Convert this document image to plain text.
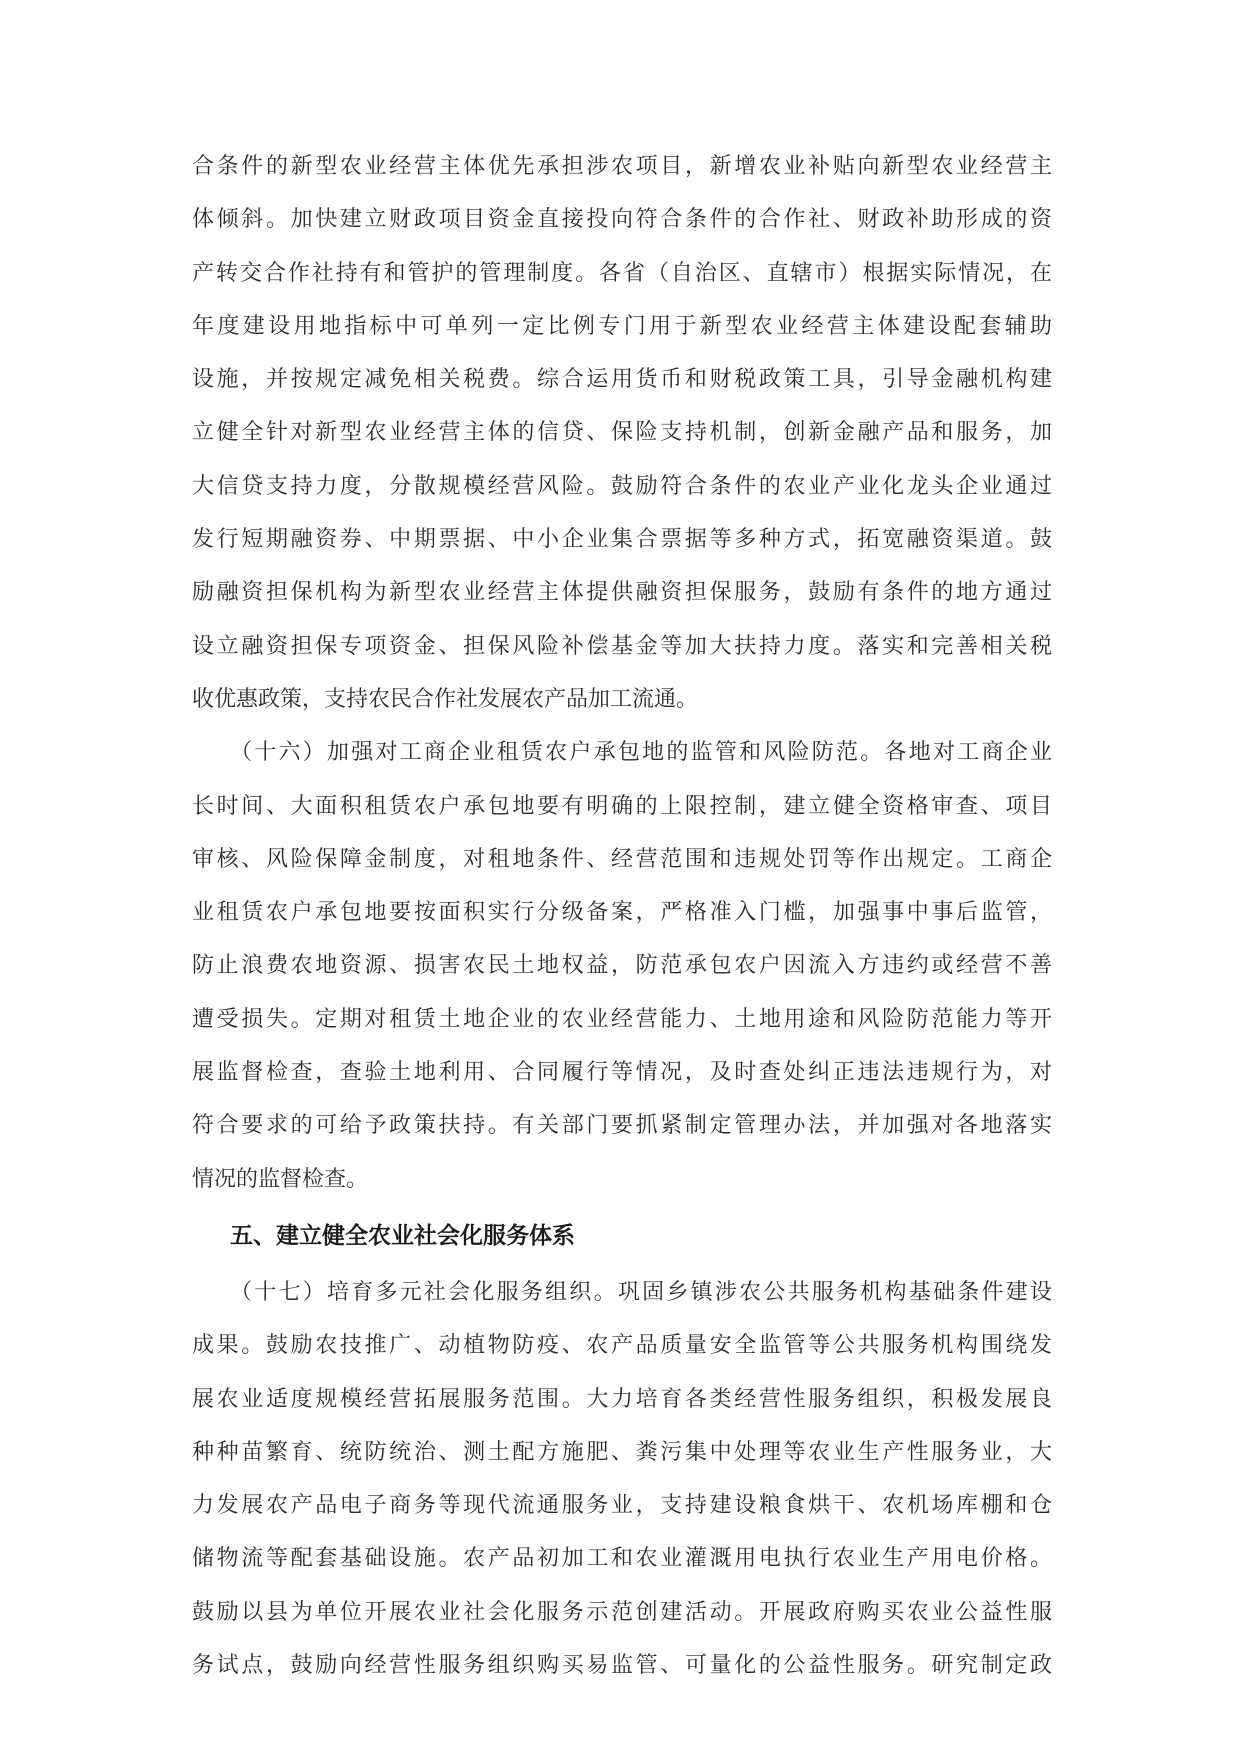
合条件的新型农业经营主体优先承担涉农项目，新增农业补贴向新型农业经营主
体倾斜。加快建立财政项目资金直接投向符合条件的合作社、财政补助形成的资
产转交合作社持有和管护的管理制度。各省（自治区、直辖市）根据实际情况，在
年度建设用地指标中可单列一定比例专门用于新型农业经营主体建设配套辅助
设施，并按规定减免相关税费。综合运用货币和财税政策工具，引导金融机构建
立健全针对新型农业经营主体的信贷、保险支持机制，创新金融产品和服务，加
大信贷支持力度，分散规模经营风险。鼓励符合条件的农业产业化龙头企业通过
发行短期融资券、中期票据、中小企业集合票据等多种方式，拓宽融资渠道。鼓
励融资担保机构为新型农业经营主体提供融资担保服务，鼓励有条件的地方通过
设立融资担保专项资金、担保风险补偿基金等加大扶持力度。落实和完善相关税
收优惠政策，支持农民合作社发展农产品加工流通。
（十六）加强对工商企业租赁农户承包地的监管和风险防范。各地对工商企业
长时间、大面积租赁农户承包地要有明确的上限控制，建立健全资格审查、项目
审核、风险保障金制度，对租地条件、经营范围和违规处罚等作出规定。工商企
业租赁农户承包地要按面积实行分级备案，严格准入门槛，加强事中事后监管，
防止浪费农地资源、损害农民土地权益，防范承包农户因流入方违约或经营不善
遭受损失。定期对租赁土地企业的农业经营能力、土地用途和风险防范能力等开
展监督检查，查验土地利用、合同履行等情况，及时查处纠正违法违规行为，对
符合要求的可给予政策扶持。有关部门要抓紧制定管理办法，并加强对各地落实
情况的监督检查。
五、建立健全农业社会化服务体系
（十七）培育多元社会化服务组织。巩固乡镇涉农公共服务机构基础条件建设
成果。鼓励农技推广、动植物防疫、农产品质量安全监管等公共服务机构围绕发
展农业适度规模经营拓展服务范围。大力培育各类经营性服务组织，积极发展良
种种苗繁育、统防统治、测土配方施肥、粪污集中处理等农业生产性服务业，大
力发展农产品电子商务等现代流通服务业，支持建设粮食烘干、农机场库棚和仓
储物流等配套基础设施。农产品初加工和农业灌溉用电执行农业生产用电价格。
鼓励以县为单位开展农业社会化服务示范创建活动。开展政府购买农业公益性服
务试点，鼓励向经营性服务组织购买易监管、可量化的公益性服务。研究制定政
